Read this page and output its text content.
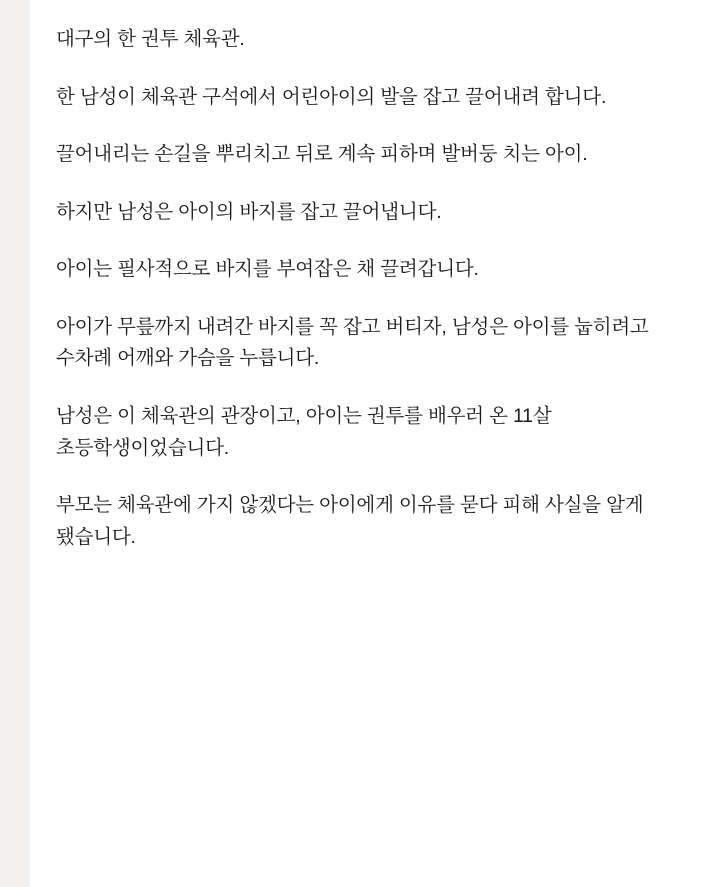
대구의 한 권투 체육관.

한 남성이 체육관 구석에서 어린아이의 발을 잡고 끌어내려 합니다.

끌어내리는 손길을 뿌리치고 뒤로 계속 피하며 발버둥 치는 아이.

하지만 남성은 아이의 바지를 잡고 끌어냅니다.

아이는 필사적으로 바지를 부여잡은 채 끌려갑니다.

아이가 무릎까지 내려간 바지를 꼭 잡고 버티자, 남성은 아이를 눕히려고 수차례 어깨와 가슴을 누릅니다.

남성은 이 체육관의 관장이고, 아이는 권투를 배우러 온 11살 초등학생이었습니다.

부모는 체육관에 가지 않겠다는 아이에게 이유를 묻다 피해 사실을 알게 됐습니다.
